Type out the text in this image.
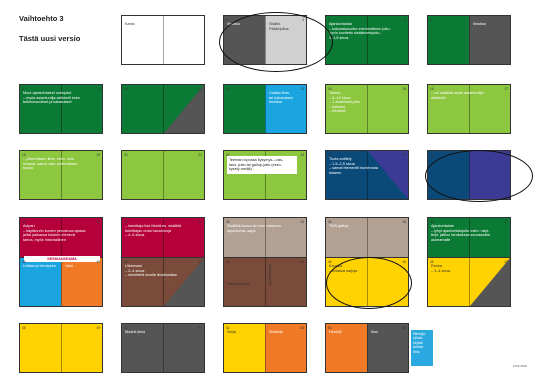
Vaihtoehto 3
Tästä uusi versio
Kansi
2
Ilmoitus
3
Sisältö
Pääkirjoitus
4
Ajankohtaista
– kokonaisuuden ensimmäinen juttu
hyvin kuvitettu sisäänvetojuttu,
1–1,5 sivua
5	6	7
Ilmoitus
8
Muut ajankohtaiset uutisjutut
– myös asiantuntija-artikkelit esim.
tutkimusuutiset ja katsaukset
9	10	11	12	13
Uutisia ilma-
tai kokonaisen
ilmoitus
14
Teema
– 8–12 sivua
– 1 avaintäsä juttu
– kainalot
– tehtäviä
15	16
– voi sisältää myös asiantuntija-
artikkelin
17
18
– yhteenlasen lime, esim. uusi
simpsä, samoi niini, yhteenlasen
taysia
19	20	21	22	23
Teeman lopussa kysymys—vas-
taus -juttu tai gallup-juttu (esim.
kysely meillä)
24
Tuote-esittely
– 1,5–2,5 sivua
– samat elementit numerosta
toiseen
25	26	27
28
Avipari
– käytännön kuvien perustuva ajassa
ja/tai paikassa toiseen etenevä
tarina, myös historiallinen
29
KESKIAUKEAMA
30
– toimittaja itse liiketä es. sisältöä
toimittajan omia havainnoja
– 4–6 sivua
31	32
Sisältöä kuuva tai muu naisuuro
tapahtuma- sarja
33	34
TMS-gallup
35	36
Ajankohtaista
– lyhyt ajankohtaisjuttu esim. näyt-
telyt, jatkuu tarvitaessa seuraavalle
aukeamalle
37
38
Uutisia ja tiemipken
39
Vaisi
40
Urkernaat
– 2–4 sivua
– oimetiellä sivulla ilmoitustilaa
41	42	43
Pahvelukertoi	Ajankohtaista
44
Kauppa
– erilaisia sarjoja
45	46
Ruoka
– 3–4 sivua
47
48	49	50
Moduli-ilmoi
51	52
Sarja
53
Sivikkija
54
Henkilö
55
Ilmo	Nimiöjö-
si/vali-
kirjasi/
kohde-
ilmo
2726 2546
